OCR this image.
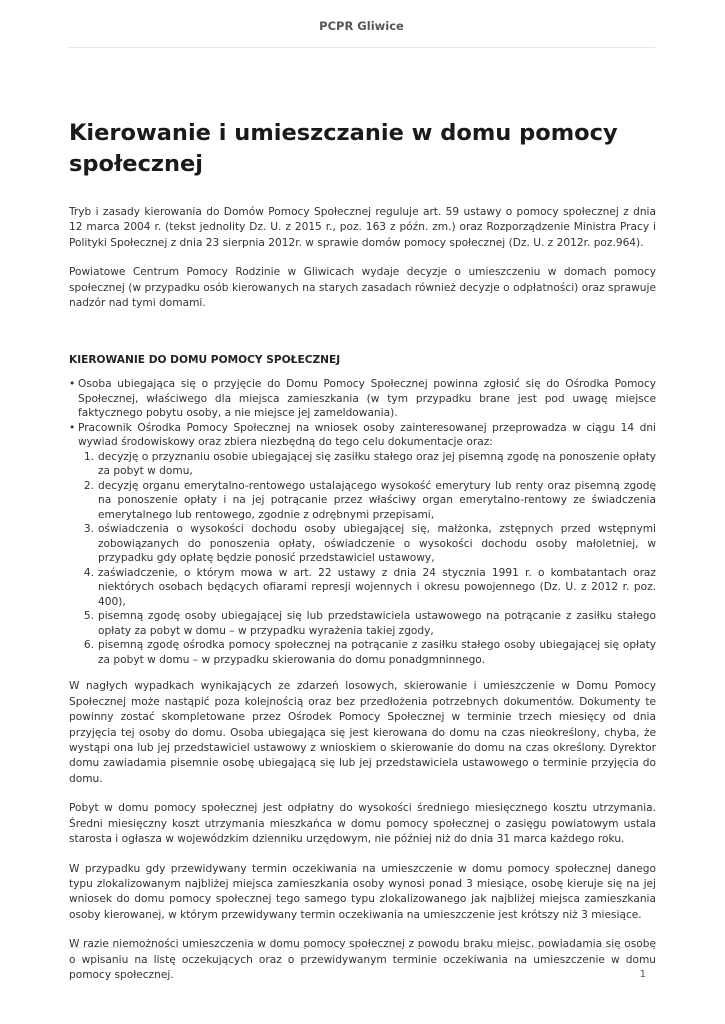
PCPR Gliwice
Kierowanie i umieszczanie w domu pomocy społecznej

Tryb i zasady kierowania do Domów Pomocy Społecznej reguluje art. 59 ustawy o pomocy społecznej z dnia 12 marca 2004 r. (tekst jednolity Dz. U. z 2015 r., poz. 163 z późn. zm.) oraz Rozporządzenie Ministra Pracy i Polityki Społecznej z dnia 23 sierpnia 2012r. w sprawie domów pomocy społecznej (Dz. U. z 2012r. poz.964).

Powiatowe Centrum Pomocy Rodzinie w Gliwicach wydaje decyzje o umieszczeniu w domach pomocy społecznej (w przypadku osób kierowanych na starych zasadach również decyzje o odpłatności) oraz sprawuje nadzór nad tymi domami.

KIEROWANIE DO DOMU POMOCY SPOŁECZNEJ
• Osoba ubiegająca się o przyjęcie do Domu Pomocy Społecznej powinna zgłosić się do Ośrodka Pomocy Społecznej, właściwego dla miejsca zamieszkania (w tym przypadku brane jest pod uwagę miejsce faktycznego pobytu osoby, a nie miejsce jej zameldowania).
• Pracownik Ośrodka Pomocy Społecznej na wniosek osoby zainteresowanej przeprowadza w ciągu 14 dni wywiad środowiskowy oraz zbiera niezbędną do tego celu dokumentacje oraz:
1. decyzję o przyznaniu osobie ubiegającej się zasiłku stałego oraz jej pisemną zgodę na ponoszenie opłaty za pobyt w domu,
2. decyzję organu emerytalno-rentowego ustalającego wysokość emerytury lub renty oraz pisemną zgodę na ponoszenie opłaty i na jej potrącanie przez właściwy organ emerytalno-rentowy ze świadczenia emerytalnego lub rentowego, zgodnie z odrębnymi przepisami,
3. oświadczenia o wysokości dochodu osoby ubiegającej się, małżonka, zstępnych przed wstępnymi zobowiązanych do ponoszenia opłaty, oświadczenie o wysokości dochodu osoby małoletniej, w przypadku gdy opłatę będzie ponosić przedstawiciel ustawowy,
4. zaświadczenie, o którym mowa w art. 22 ustawy z dnia 24 stycznia 1991 r. o kombatantach oraz niektórych osobach będących ofiarami represji wojennych i okresu powojennego (Dz. U. z 2012 r. poz. 400),
5. pisemną zgodę osoby ubiegającej się lub przedstawiciela ustawowego na potrącanie z zasiłku stałego opłaty za pobyt w domu – w przypadku wyrażenia takiej zgody,
6. pisemną zgodę ośrodka pomocy społecznej na potrącanie z zasiłku stałego osoby ubiegającej się opłaty za pobyt w domu – w przypadku skierowania do domu ponadgmninnego.

W nagłych wypadkach wynikających ze zdarzeń losowych, skierowanie i umieszczenie w Domu Pomocy Społecznej może nastąpić poza kolejnością oraz bez przedłożenia potrzebnych dokumentów. Dokumenty te powinny zostać skompletowane przez Ośrodek Pomocy Społecznej w terminie trzech miesięcy od dnia przyjęcia tej osoby do domu. Osoba ubiegająca się jest kierowana do domu na czas nieokreślony, chyba, że wystąpi ona lub jej przedstawiciel ustawowy z wnioskiem o skierowanie do domu na czas określony. Dyrektor domu zawiadamia pisemnie osobę ubiegającą się lub jej przedstawiciela ustawowego o terminie przyjęcia do domu.

Pobyt w domu pomocy społecznej jest odpłatny do wysokości średniego miesięcznego kosztu utrzymania. Średni miesięczny koszt utrzymania mieszkańca w domu pomocy społecznej o zasięgu powiatowym ustala starosta i ogłasza w wojewódzkim dzienniku urzędowym, nie później niż do dnia 31 marca każdego roku.

W przypadku gdy przewidywany termin oczekiwania na umieszczenie w domu pomocy społecznej danego typu zlokalizowanym najbliżej miejsca zamieszkania osoby wynosi ponad 3 miesiące, osobę kieruje się na jej wniosek do domu pomocy społecznej tego samego typu zlokalizowanego jak najbliżej miejsca zamieszkania osoby kierowanej, w którym przewidywany termin oczekiwania na umieszczenie jest krótszy niż 3 miesiące.

W razie niemożności umieszczenia w domu pomocy społecznej z powodu braku miejsc, powiadamia się osobę o wpisaniu na listę oczekujących oraz o przewidywanym terminie oczekiwania na umieszczenie w domu pomocy społecznej.	1
